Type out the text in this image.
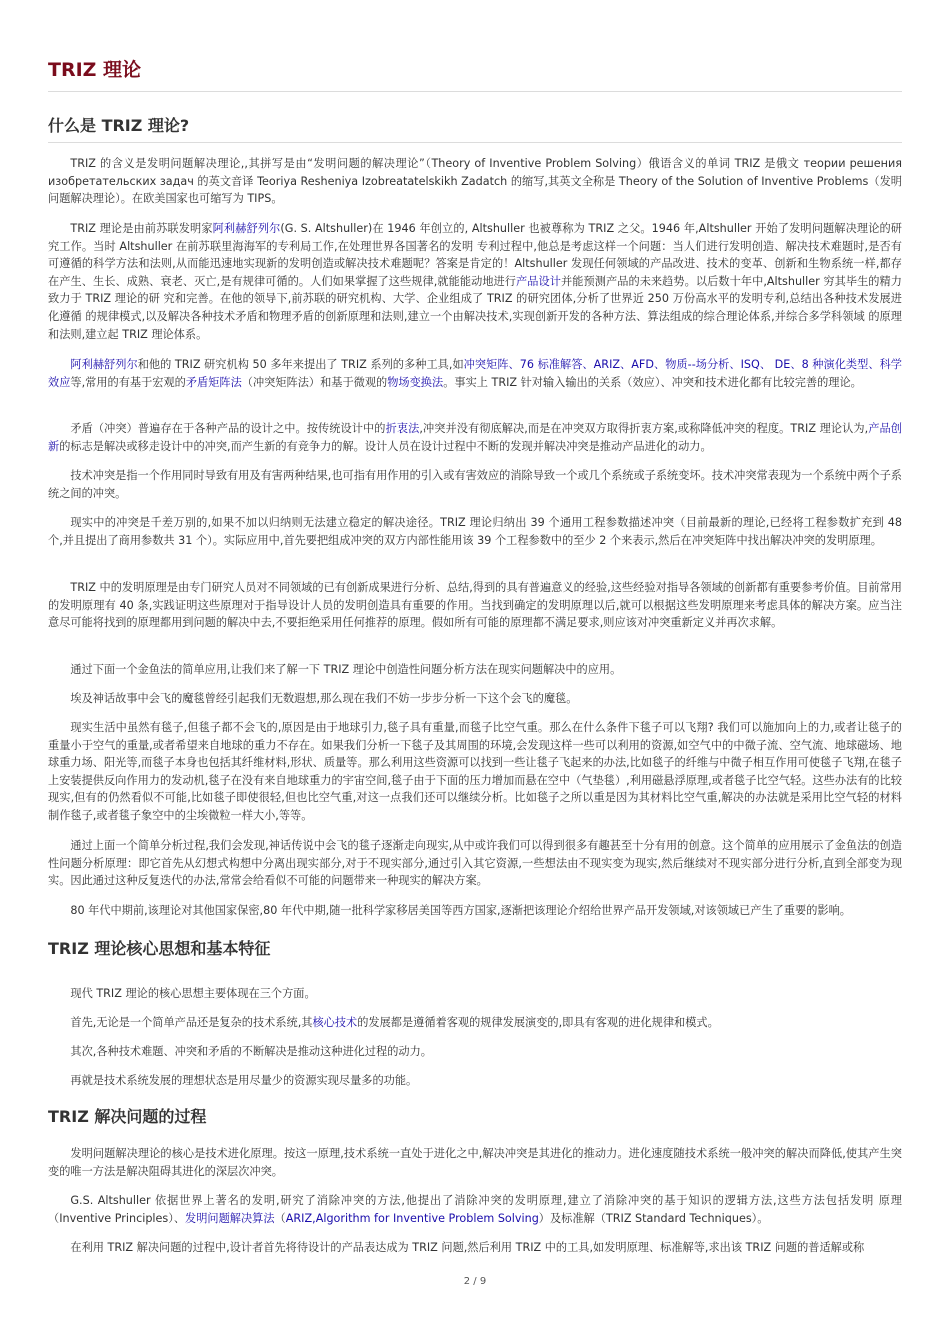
TRIZ 理论
什么是 TRIZ 理论?

TRIZ 的含义是发明问题解决理论,,其拼写是由“发明问题的解决理论”（Theory of Inventive Problem Solving）俄语含义的单词 TRIZ 是俄文 теории решения изобретательских задач 的英文音译 Teoriya Resheniya Izobreatatelskikh Zadatch 的缩写,其英文全称是 Theory of the Solution of Inventive Problems（发明问题解决理论）。在欧美国家也可缩写为 TIPS。

TRIZ 理论是由前苏联发明家阿利赫舒列尔(G. S. Altshuller)在 1946 年创立的, Altshuller 也被尊称为 TRIZ 之父。1946 年,Altshuller 开始了发明问题解决理论的研究工作。当时 Altshuller 在前苏联里海海军的专利局工作,在处理世界各国著名的发明 专利过程中,他总是考虑这样一个问题：当人们进行发明创造、解决技术难题时,是否有可遵循的科学方法和法则,从而能迅速地实现新的发明创造或解决技术难题呢？答案是肯定的！Altshuller 发现任何领域的产品改进、技术的变革、创新和生物系统一样,都存在产生、生长、成熟、衰老、灭亡,是有规律可循的。人们如果掌握了这些规律,就能能动地进行产品设计并能预测产品的未来趋势。以后数十年中,Altshuller 穷其毕生的精力致力于 TRIZ 理论的研 究和完善。在他的领导下,前苏联的研究机构、大学、企业组成了 TRIZ 的研究团体,分析了世界近 250 万份高水平的发明专利,总结出各种技术发展进化遵循 的规律模式,以及解决各种技术矛盾和物理矛盾的创新原理和法则,建立一个由解决技术,实现创新开发的各种方法、算法组成的综合理论体系,并综合多学科领域 的原理和法则,建立起 TRIZ 理论体系。

阿利赫舒列尔和他的 TRIZ 研究机构 50 多年来提出了 TRIZ 系列的多种工具,如冲突矩阵、76 标准解答、ARIZ、AFD、物质--场分析、ISQ、 DE、8 种演化类型、科学效应等,常用的有基于宏观的矛盾矩阵法（冲突矩阵法）和基于微观的物场变换法。事实上 TRIZ 针对输入输出的关系（效应）、冲突和技术进化都有比较完善的理论。

矛盾（冲突）普遍存在于各种产品的设计之中。按传统设计中的折衷法,冲突并没有彻底解决,而是在冲突双方取得折衷方案,或称降低冲突的程度。TRIZ 理论认为,产品创新的标志是解决或移走设计中的冲突,而产生新的有竞争力的解。设计人员在设计过程中不断的发现并解决冲突是推动产品进化的动力。

技术冲突是指一个作用同时导致有用及有害两种结果,也可指有用作用的引入或有害效应的消除导致一个或几个系统或子系统变坏。技术冲突常表现为一个系统中两个子系统之间的冲突。

现实中的冲突是千差万别的,如果不加以归纳则无法建立稳定的解决途径。TRIZ 理论归纳出 39 个通用工程参数描述冲突（目前最新的理论,已经将工程参数扩充到 48 个,并且提出了商用参数共 31 个）。实际应用中,首先要把组成冲突的双方内部性能用该 39 个工程参数中的至少 2 个来表示,然后在冲突矩阵中找出解决冲突的发明原理。

TRIZ 中的发明原理是由专门研究人员对不同领域的已有创新成果进行分析、总结,得到的具有普遍意义的经验,这些经验对指导各领域的创新都有重要参考价值。目前常用的发明原理有 40 条,实践证明这些原理对于指导设计人员的发明创造具有重要的作用。当找到确定的发明原理以后,就可以根据这些发明原理来考虑具体的解决方案。应当注意尽可能将找到的原理都用到问题的解决中去,不要拒绝采用任何推荐的原理。假如所有可能的原理都不满足要求,则应该对冲突重新定义并再次求解。

通过下面一个金鱼法的简单应用,让我们来了解一下 TRIZ 理论中创造性问题分析方法在现实问题解决中的应用。

埃及神话故事中会飞的魔毯曾经引起我们无数遐想,那么现在我们不妨一步步分析一下这个会飞的魔毯。

现实生活中虽然有毯子,但毯子都不会飞的,原因是由于地球引力,毯子具有重量,而毯子比空气重。那么在什么条件下毯子可以飞翔? 我们可以施加向上的力,或者让毯子的重量小于空气的重量,或者希望来自地球的重力不存在。如果我们分析一下毯子及其周围的环境,会发现这样一些可以利用的资源,如空气中的中微子流、空气流、地球磁场、地球重力场、阳光等,而毯子本身也包括其纤维材料,形状、质量等。那么利用这些资源可以找到一些让毯子飞起来的办法,比如毯子的纤维与中微子相互作用可使毯子飞翔,在毯子上安装提供反向作用力的发动机,毯子在没有来自地球重力的宇宙空间,毯子由于下面的压力增加而悬在空中（气垫毯）,利用磁悬浮原理,或者毯子比空气轻。这些办法有的比较现实,但有的仍然看似不可能,比如毯子即使很轻,但也比空气重,对这一点我们还可以继续分析。比如毯子之所以重是因为其材料比空气重,解决的办法就是采用比空气轻的材料制作毯子,或者毯子象空中的尘埃微粒一样大小,等等。

通过上面一个简单分析过程,我们会发现,神话传说中会飞的毯子逐渐走向现实,从中或许我们可以得到很多有趣甚至十分有用的创意。这个简单的应用展示了金鱼法的创造性问题分析原理：即它首先从幻想式构想中分离出现实部分,对于不现实部分,通过引入其它资源,一些想法由不现实变为现实,然后继续对不现实部分进行分析,直到全部变为现实。因此通过这种反复迭代的办法,常常会给看似不可能的问题带来一种现实的解决方案。

80 年代中期前,该理论对其他国家保密,80 年代中期,随一批科学家移居美国等西方国家,逐渐把该理论介绍给世界产品开发领域,对该领域已产生了重要的影响。

TRIZ 理论核心思想和基本特征

现代 TRIZ 理论的核心思想主要体现在三个方面。

首先,无论是一个简单产品还是复杂的技术系统,其核心技术的发展都是遵循着客观的规律发展演变的,即具有客观的进化规律和模式。

其次,各种技术难题、冲突和矛盾的不断解决是推动这种进化过程的动力。

再就是技术系统发展的理想状态是用尽量少的资源实现尽量多的功能。

TRIZ 解决问题的过程

发明问题解决理论的核心是技术进化原理。按这一原理,技术系统一直处于进化之中,解决冲突是其进化的推动力。进化速度随技术系统一般冲突的解决而降低,使其产生突变的唯一方法是解决阻碍其进化的深层次冲突。

G.S. Altshuller 依据世界上著名的发明,研究了消除冲突的方法,他提出了消除冲突的发明原理,建立了消除冲突的基于知识的逻辑方法,这些方法包括发明 原理（Inventive Principles）、发明问题解决算法（ARIZ,Algorithm for Inventive Problem Solving）及标准解（TRIZ Standard Techniques）。

在利用 TRIZ 解决问题的过程中,设计者首先将待设计的产品表达成为 TRIZ 问题,然后利用 TRIZ 中的工具,如发明原理、标准解等,求出该 TRIZ 问题的普适解或称

2 / 9
